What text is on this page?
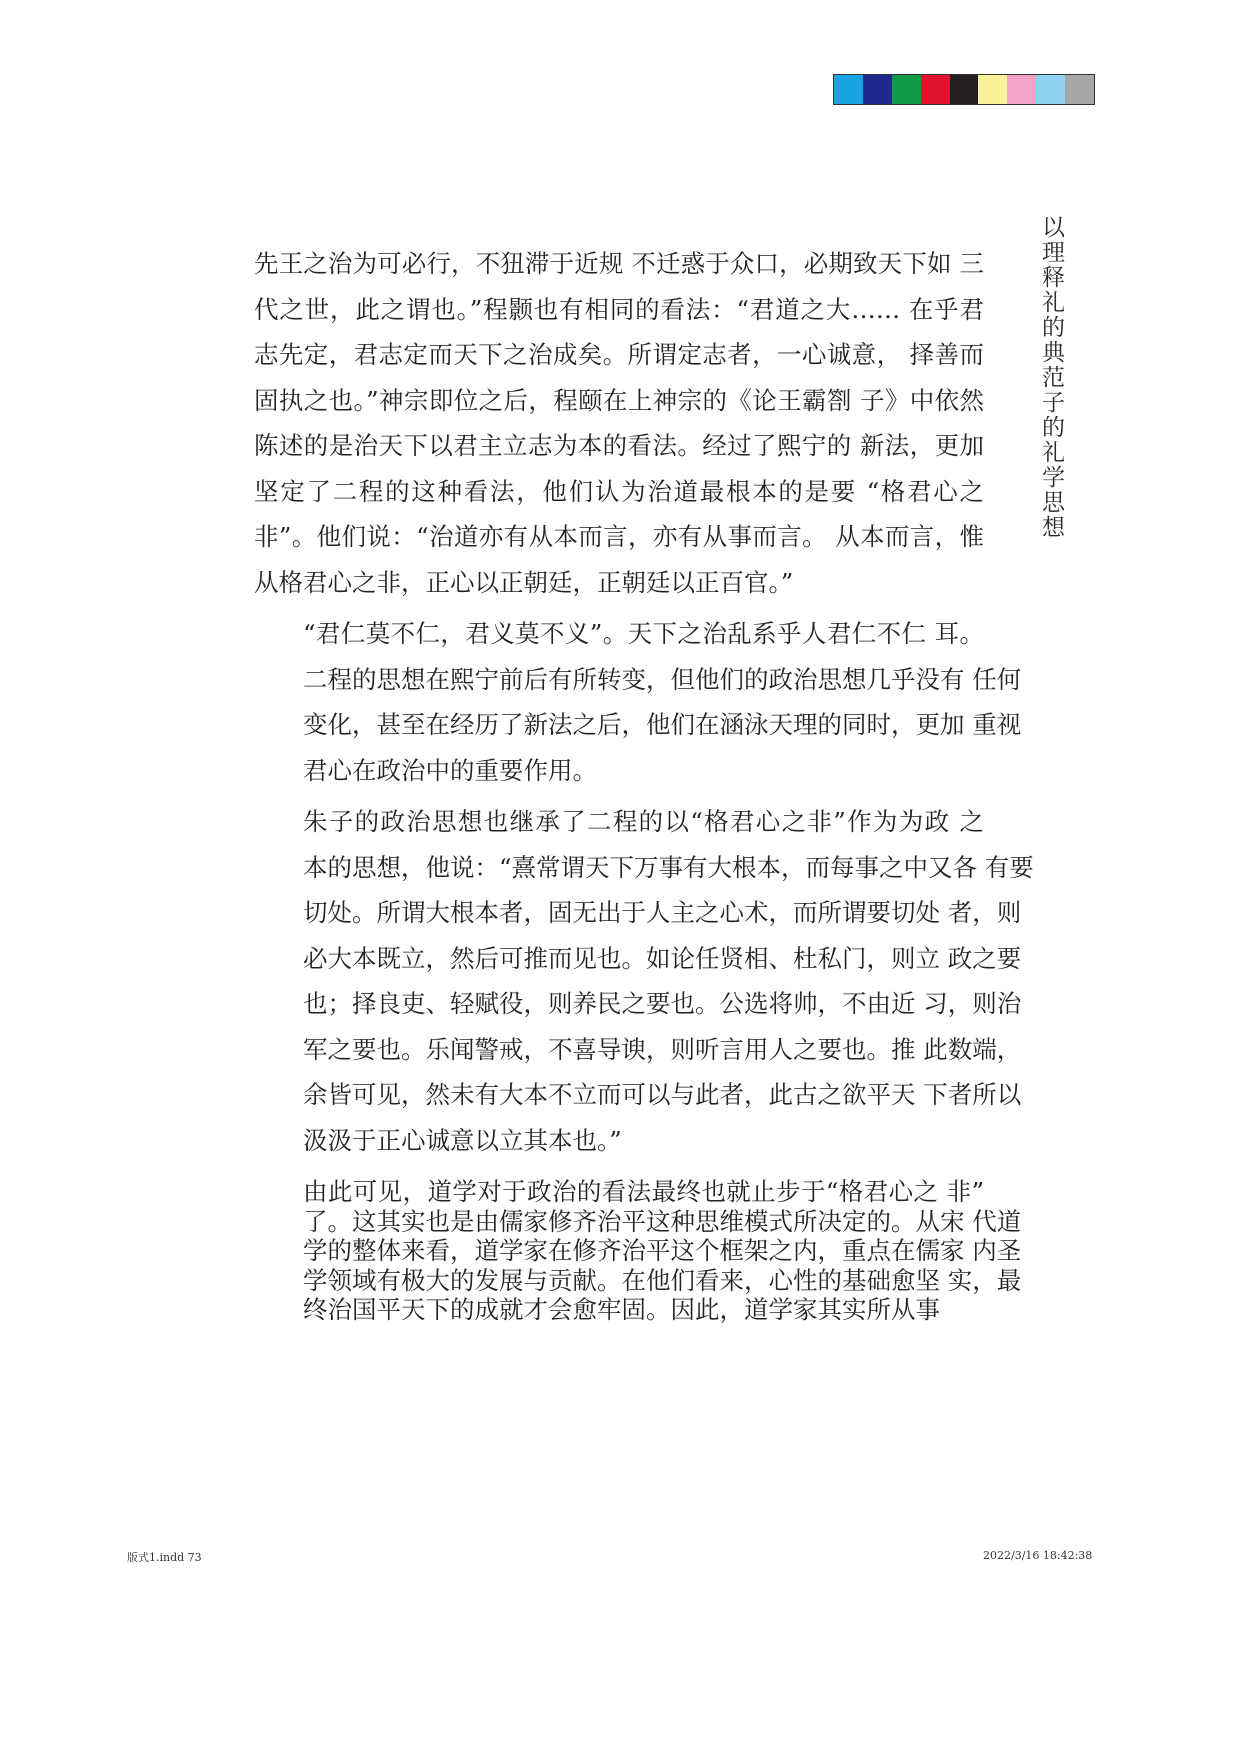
以理释礼的典范子的礼学思想

先王之治为可必行，不狃滞于近规 不迁惑于众口，必期致天下如 三
代之世，此之谓也。”程颢也有相同的看法：“君道之大…… 在乎君
志先定，君志定而天下之治成矣。所谓定志者，一心诚意， 择善而
固执之也。”神宗即位之后，程颐在上神宗的《论王霸劄 子》中依然
陈述的是治天下以君主立志为本的看法。经过了熙宁的 新法，更加
坚定了二程的这种看法，他们认为治道最根本的是要 “格君心之
非”。他们说：“治道亦有从本而言，亦有从事而言。 从本而言，惟
从格君心之非，正心以正朝廷，正朝廷以正百官。”

“君仁莫不仁，君义莫不义”。天下之治乱系乎人君仁不仁 耳。
二程的思想在熙宁前后有所转变，但他们的政治思想几乎没有 任何
变化，甚至在经历了新法之后，他们在涵泳天理的同时，更加 重视
君心在政治中的重要作用。

朱子的政治思想也继承了二程的以“格君心之非”作为为政 之
本的思想，他说：“熹常谓天下万事有大根本，而每事之中又各 有要
切处。所谓大根本者，固无出于人主之心术，而所谓要切处 者，则
必大本既立，然后可推而见也。如论任贤相、杜私门，则立 政之要
也；择良吏、轻赋役，则养民之要也。公选将帅，不由近 习，则治
军之要也。乐闻警戒，不喜导谀，则听言用人之要也。推 此数端，
余皆可见，然未有大本不立而可以与此者，此古之欲平天 下者所以
汲汲于正心诚意以立其本也。”

由此可见，道学对于政治的看法最终也就止步于“格君心之 非”
了。这其实也是由儒家修齐治平这种思维模式所决定的。从宋 代道
学的整体来看，道学家在修齐治平这个框架之内，重点在儒家 内圣
学领域有极大的发展与贡献。在他们看来，心性的基础愈坚 实，最
终治国平天下的成就才会愈牢固。因此，道学家其实所从事

版式1.indd 73	2022/3/16 18:42:38
